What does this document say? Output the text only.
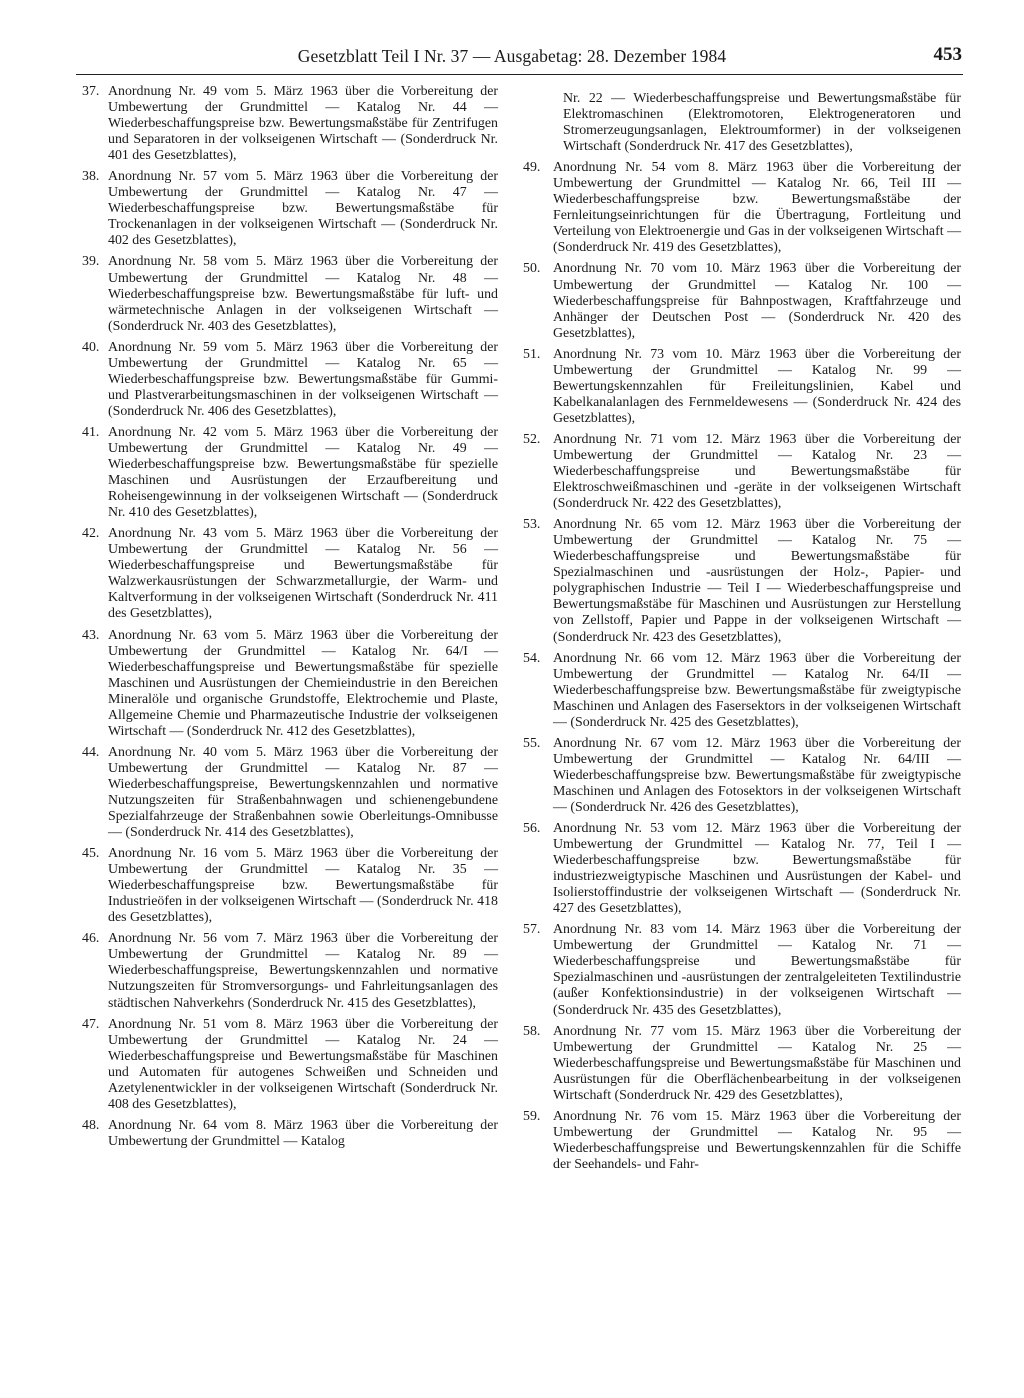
Gesetzblatt Teil I Nr. 37 — Ausgabetag: 28. Dezember 1984	453
37. Anordnung Nr. 49 vom 5. März 1963 über die Vorbereitung der Umbewertung der Grundmittel — Katalog Nr. 44 — Wiederbeschaffungspreise bzw. Bewertungsmaßstäbe für Zentrifugen und Separatoren in der volkseigenen Wirtschaft — (Sonderdruck Nr. 401 des Gesetzblattes),
38. Anordnung Nr. 57 vom 5. März 1963 über die Vorbereitung der Umbewertung der Grundmittel — Katalog Nr. 47 — Wiederbeschaffungspreise bzw. Bewertungsmaßstäbe für Trockenanlagen in der volkseigenen Wirtschaft — (Sonderdruck Nr. 402 des Gesetzblattes),
39. Anordnung Nr. 58 vom 5. März 1963 über die Vorbereitung der Umbewertung der Grundmittel — Katalog Nr. 48 — Wiederbeschaffungspreise bzw. Bewertungsmaßstäbe für luft- und wärmetechnische Anlagen in der volkseigenen Wirtschaft — (Sonderdruck Nr. 403 des Gesetzblattes),
40. Anordnung Nr. 59 vom 5. März 1963 über die Vorbereitung der Umbewertung der Grundmittel — Katalog Nr. 65 — Wiederbeschaffungspreise bzw. Bewertungsmaßstäbe für Gummi- und Plastverarbeitungsmaschinen in der volkseigenen Wirtschaft — (Sonderdruck Nr. 406 des Gesetzblattes),
41. Anordnung Nr. 42 vom 5. März 1963 über die Vorbereitung der Umbewertung der Grundmittel — Katalog Nr. 49 — Wiederbeschaffungspreise bzw. Bewertungsmaßstäbe für spezielle Maschinen und Ausrüstungen der Erzaufbereitung und Roheisengewinnung in der volkseigenen Wirtschaft — (Sonderdruck Nr. 410 des Gesetzblattes),
42. Anordnung Nr. 43 vom 5. März 1963 über die Vorbereitung der Umbewertung der Grundmittel — Katalog Nr. 56 — Wiederbeschaffungspreise und Bewertungsmaßstäbe für Walzwerkausrüstungen der Schwarzmetallurgie, der Warm- und Kaltverformung in der volkseigenen Wirtschaft (Sonderdruck Nr. 411 des Gesetzblattes),
43. Anordnung Nr. 63 vom 5. März 1963 über die Vorbereitung der Umbewertung der Grundmittel — Katalog Nr. 64/I — Wiederbeschaffungspreise und Bewertungsmaßstäbe für spezielle Maschinen und Ausrüstungen der Chemieindustrie in den Bereichen Mineralöle und organische Grundstoffe, Elektrochemie und Plaste, Allgemeine Chemie und Pharmazeutische Industrie der volkseigenen Wirtschaft — (Sonderdruck Nr. 412 des Gesetzblattes),
44. Anordnung Nr. 40 vom 5. März 1963 über die Vorbereitung der Umbewertung der Grundmittel — Katalog Nr. 87 — Wiederbeschaffungspreise, Bewertungskennzahlen und normative Nutzungszeiten für Straßenbahnwagen und schienengebundene Spezialfahrzeuge der Straßenbahnen sowie Oberleitungs-Omnibusse — (Sonderdruck Nr. 414 des Gesetzblattes),
45. Anordnung Nr. 16 vom 5. März 1963 über die Vorbereitung der Umbewertung der Grundmittel — Katalog Nr. 35 — Wiederbeschaffungspreise bzw. Bewertungsmaßstäbe für Industrieöfen in der volkseigenen Wirtschaft — (Sonderdruck Nr. 418 des Gesetzblattes),
46. Anordnung Nr. 56 vom 7. März 1963 über die Vorbereitung der Umbewertung der Grundmittel — Katalog Nr. 89 — Wiederbeschaffungspreise, Bewertungskennzahlen und normative Nutzungszeiten für Stromversorgungs- und Fahrleitungsanlagen des städtischen Nahverkehrs (Sonderdruck Nr. 415 des Gesetzblattes),
47. Anordnung Nr. 51 vom 8. März 1963 über die Vorbereitung der Umbewertung der Grundmittel — Katalog Nr. 24 — Wiederbeschaffungspreise und Bewertungsmaßstäbe für Maschinen und Automaten für autogenes Schweißen und Schneiden und Azetylenentwickler in der volkseigenen Wirtschaft (Sonderdruck Nr. 408 des Gesetzblattes),
48. Anordnung Nr. 64 vom 8. März 1963 über die Vorbereitung der Umbewertung der Grundmittel — Katalog
Nr. 22 — Wiederbeschaffungspreise und Bewertungsmaßstäbe für Elektromaschinen (Elektromotoren, Elektrogeneratoren und Stromerzeugungsanlagen, Elektroumformer) in der volkseigenen Wirtschaft (Sonderdruck Nr. 417 des Gesetzblattes),
49. Anordnung Nr. 54 vom 8. März 1963 über die Vorbereitung der Umbewertung der Grundmittel — Katalog Nr. 66, Teil III — Wiederbeschaffungspreise bzw. Bewertungsmaßstäbe der Fernleitungseinrichtungen für die Übertragung, Fortleitung und Verteilung von Elektroenergie und Gas in der volkseigenen Wirtschaft — (Sonderdruck Nr. 419 des Gesetzblattes),
50. Anordnung Nr. 70 vom 10. März 1963 über die Vorbereitung der Umbewertung der Grundmittel — Katalog Nr. 100 — Wiederbeschaffungspreise für Bahnpostwagen, Kraftfahrzeuge und Anhänger der Deutschen Post — (Sonderdruck Nr. 420 des Gesetzblattes),
51. Anordnung Nr. 73 vom 10. März 1963 über die Vorbereitung der Umbewertung der Grundmittel — Katalog Nr. 99 — Bewertungskennzahlen für Freileitungslinien, Kabel und Kabelkanalanlagen des Fernmeldewesens — (Sonderdruck Nr. 424 des Gesetzblattes),
52. Anordnung Nr. 71 vom 12. März 1963 über die Vorbereitung der Umbewertung der Grundmittel — Katalog Nr. 23 — Wiederbeschaffungspreise und Bewertungsmaßstäbe für Elektroschweißmaschinen und -geräte in der volkseigenen Wirtschaft (Sonderdruck Nr. 422 des Gesetzblattes),
53. Anordnung Nr. 65 vom 12. März 1963 über die Vorbereitung der Umbewertung der Grundmittel — Katalog Nr. 75 — Wiederbeschaffungspreise und Bewertungsmaßstäbe für Spezialmaschinen und -ausrüstungen der Holz-, Papier- und polygraphischen Industrie — Teil I — Wiederbeschaffungspreise und Bewertungsmaßstäbe für Maschinen und Ausrüstungen zur Herstellung von Zellstoff, Papier und Pappe in der volkseigenen Wirtschaft — (Sonderdruck Nr. 423 des Gesetzblattes),
54. Anordnung Nr. 66 vom 12. März 1963 über die Vorbereitung der Umbewertung der Grundmittel — Katalog Nr. 64/II — Wiederbeschaffungspreise bzw. Bewertungsmaßstäbe für zweigtypische Maschinen und Anlagen des Fasersektors in der volkseigenen Wirtschaft — (Sonderdruck Nr. 425 des Gesetzblattes),
55. Anordnung Nr. 67 vom 12. März 1963 über die Vorbereitung der Umbewertung der Grundmittel — Katalog Nr. 64/III — Wiederbeschaffungspreise bzw. Bewertungsmaßstäbe für zweigtypische Maschinen und Anlagen des Fotosektors in der volkseigenen Wirtschaft — (Sonderdruck Nr. 426 des Gesetzblattes),
56. Anordnung Nr. 53 vom 12. März 1963 über die Vorbereitung der Umbewertung der Grundmittel — Katalog Nr. 77, Teil I — Wiederbeschaffungspreise bzw. Bewertungsmaßstäbe für industriezweigtypische Maschinen und Ausrüstungen der Kabel- und Isolierstoffindustrie der volkseigenen Wirtschaft — (Sonderdruck Nr. 427 des Gesetzblattes),
57. Anordnung Nr. 83 vom 14. März 1963 über die Vorbereitung der Umbewertung der Grundmittel — Katalog Nr. 71 — Wiederbeschaffungspreise und Bewertungsmaßstäbe für Spezialmaschinen und -ausrüstungen der zentralgeleiteten Textilindustrie (außer Konfektionsindustrie) in der volkseigenen Wirtschaft — (Sonderdruck Nr. 435 des Gesetzblattes),
58. Anordnung Nr. 77 vom 15. März 1963 über die Vorbereitung der Umbewertung der Grundmittel — Katalog Nr. 25 — Wiederbeschaffungspreise und Bewertungsmaßstäbe für Maschinen und Ausrüstungen für die Oberflächenbearbeitung in der volkseigenen Wirtschaft (Sonderdruck Nr. 429 des Gesetzblattes),
59. Anordnung Nr. 76 vom 15. März 1963 über die Vorbereitung der Umbewertung der Grundmittel — Katalog Nr. 95 — Wiederbeschaffungspreise und Bewertungskennzahlen für die Schiffe der Seehandels- und Fahr-
